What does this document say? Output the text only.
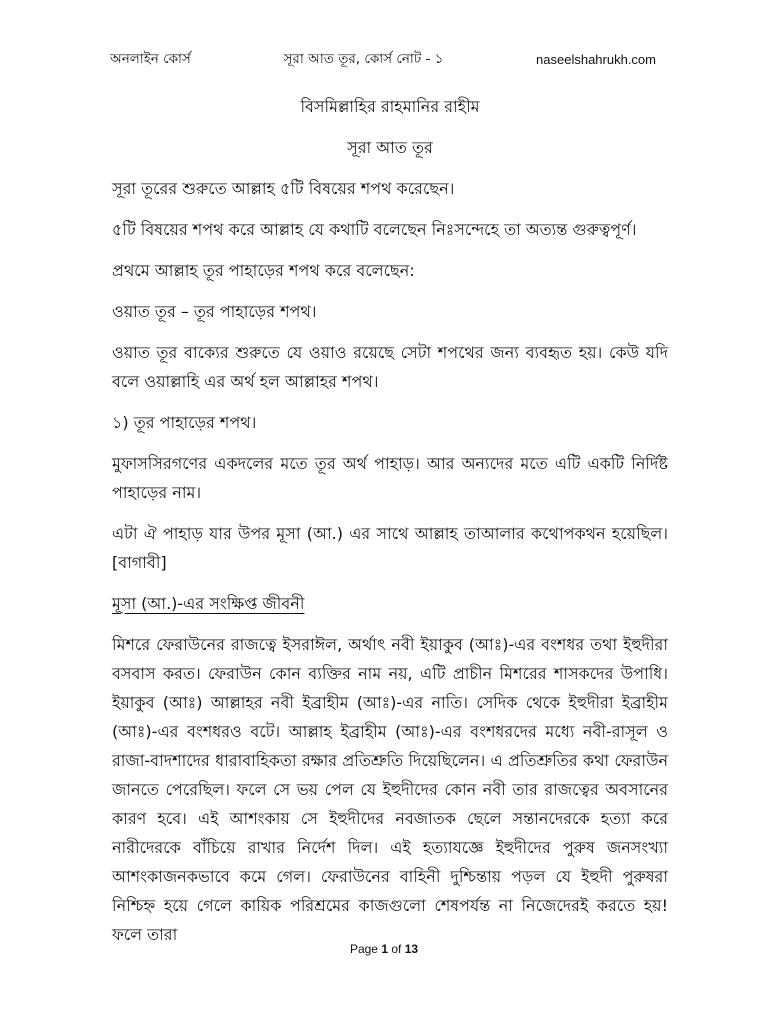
অনলাইন কোর্স	সূরা আত তূর, কোর্স নোট - ১	naseelshahrukh.com

বিসমিল্লাহির রাহমানির রাহীম

সূরা আত তূর

সূরা তূরের শুরুতে আল্লাহ ৫টি বিষয়ের শপথ করেছেন।

৫টি বিষয়ের শপথ করে আল্লাহ যে কথাটি বলেছেন নিঃসন্দেহে তা অত্যন্ত গুরুত্বপূর্ণ।

প্রথমে আল্লাহ তূর পাহাড়ের শপথ করে বলেছেন:

ওয়াত তূর – তূর পাহাড়ের শপথ।

ওয়াত তূর বাক্যের শুরুতে যে ওয়াও রয়েছে সেটা শপথের জন্য ব্যবহৃত হয়। কেউ যদি বলে ওয়াল্লাহি এর অর্থ হল আল্লাহর শপথ।

১) তূর পাহাড়ের শপথ।

মুফাসসিরগণের একদলের মতে তূর অর্থ পাহাড়। আর অন্যদের মতে এটি একটি নির্দিষ্ট পাহাড়ের নাম।

এটা ঐ পাহাড় যার উপর মূসা (আ.) এর সাথে আল্লাহ তাআলার কথোপকথন হয়েছিল। [বাগাবী]

মূসা (আ.)-এর সংক্ষিপ্ত জীবনী

মিশরে ফেরাউনের রাজত্বে ইসরাঈল, অর্থাৎ নবী ইয়াকুব (আঃ)-এর বংশধর তথা ইহুদীরা বসবাস করত। ফেরাউন কোন ব্যক্তির নাম নয়, এটি প্রাচীন মিশরের শাসকদের উপাধি। ইয়াকুব (আঃ) আল্লাহর নবী ইব্রাহীম (আঃ)-এর নাতি। সেদিক থেকে ইহুদীরা ইব্রাহীম (আঃ)-এর বংশধরও বটে। আল্লাহ ইব্রাহীম (আঃ)-এর বংশধরদের মধ্যে নবী-রাসূল ও রাজা-বাদশাদের ধারাবাহিকতা রক্ষার প্রতিশ্রুতি দিয়েছিলেন। এ প্রতিশ্রুতির কথা ফেরাউন জানতে পেরেছিল। ফলে সে ভয় পেল যে ইহুদীদের কোন নবী তার রাজত্বের অবসানের কারণ হবে। এই আশংকায় সে ইহুদীদের নবজাতক ছেলে সন্তানদেরকে হত্যা করে নারীদেরকে বাঁচিয়ে রাখার নির্দেশ দিল। এই হত্যাযজ্ঞে ইহুদীদের পুরুষ জনসংখ্যা আশংকাজনকভাবে কমে গেল। ফেরাউনের বাহিনী দুশ্চিন্তায় পড়ল যে ইহুদী পুরুষরা নিশ্চিহ্ন হয়ে গেলে কায়িক পরিশ্রমের কাজগুলো শেষপর্যন্ত না নিজেদেরই করতে হয়! ফলে তারা

Page 1 of 13
